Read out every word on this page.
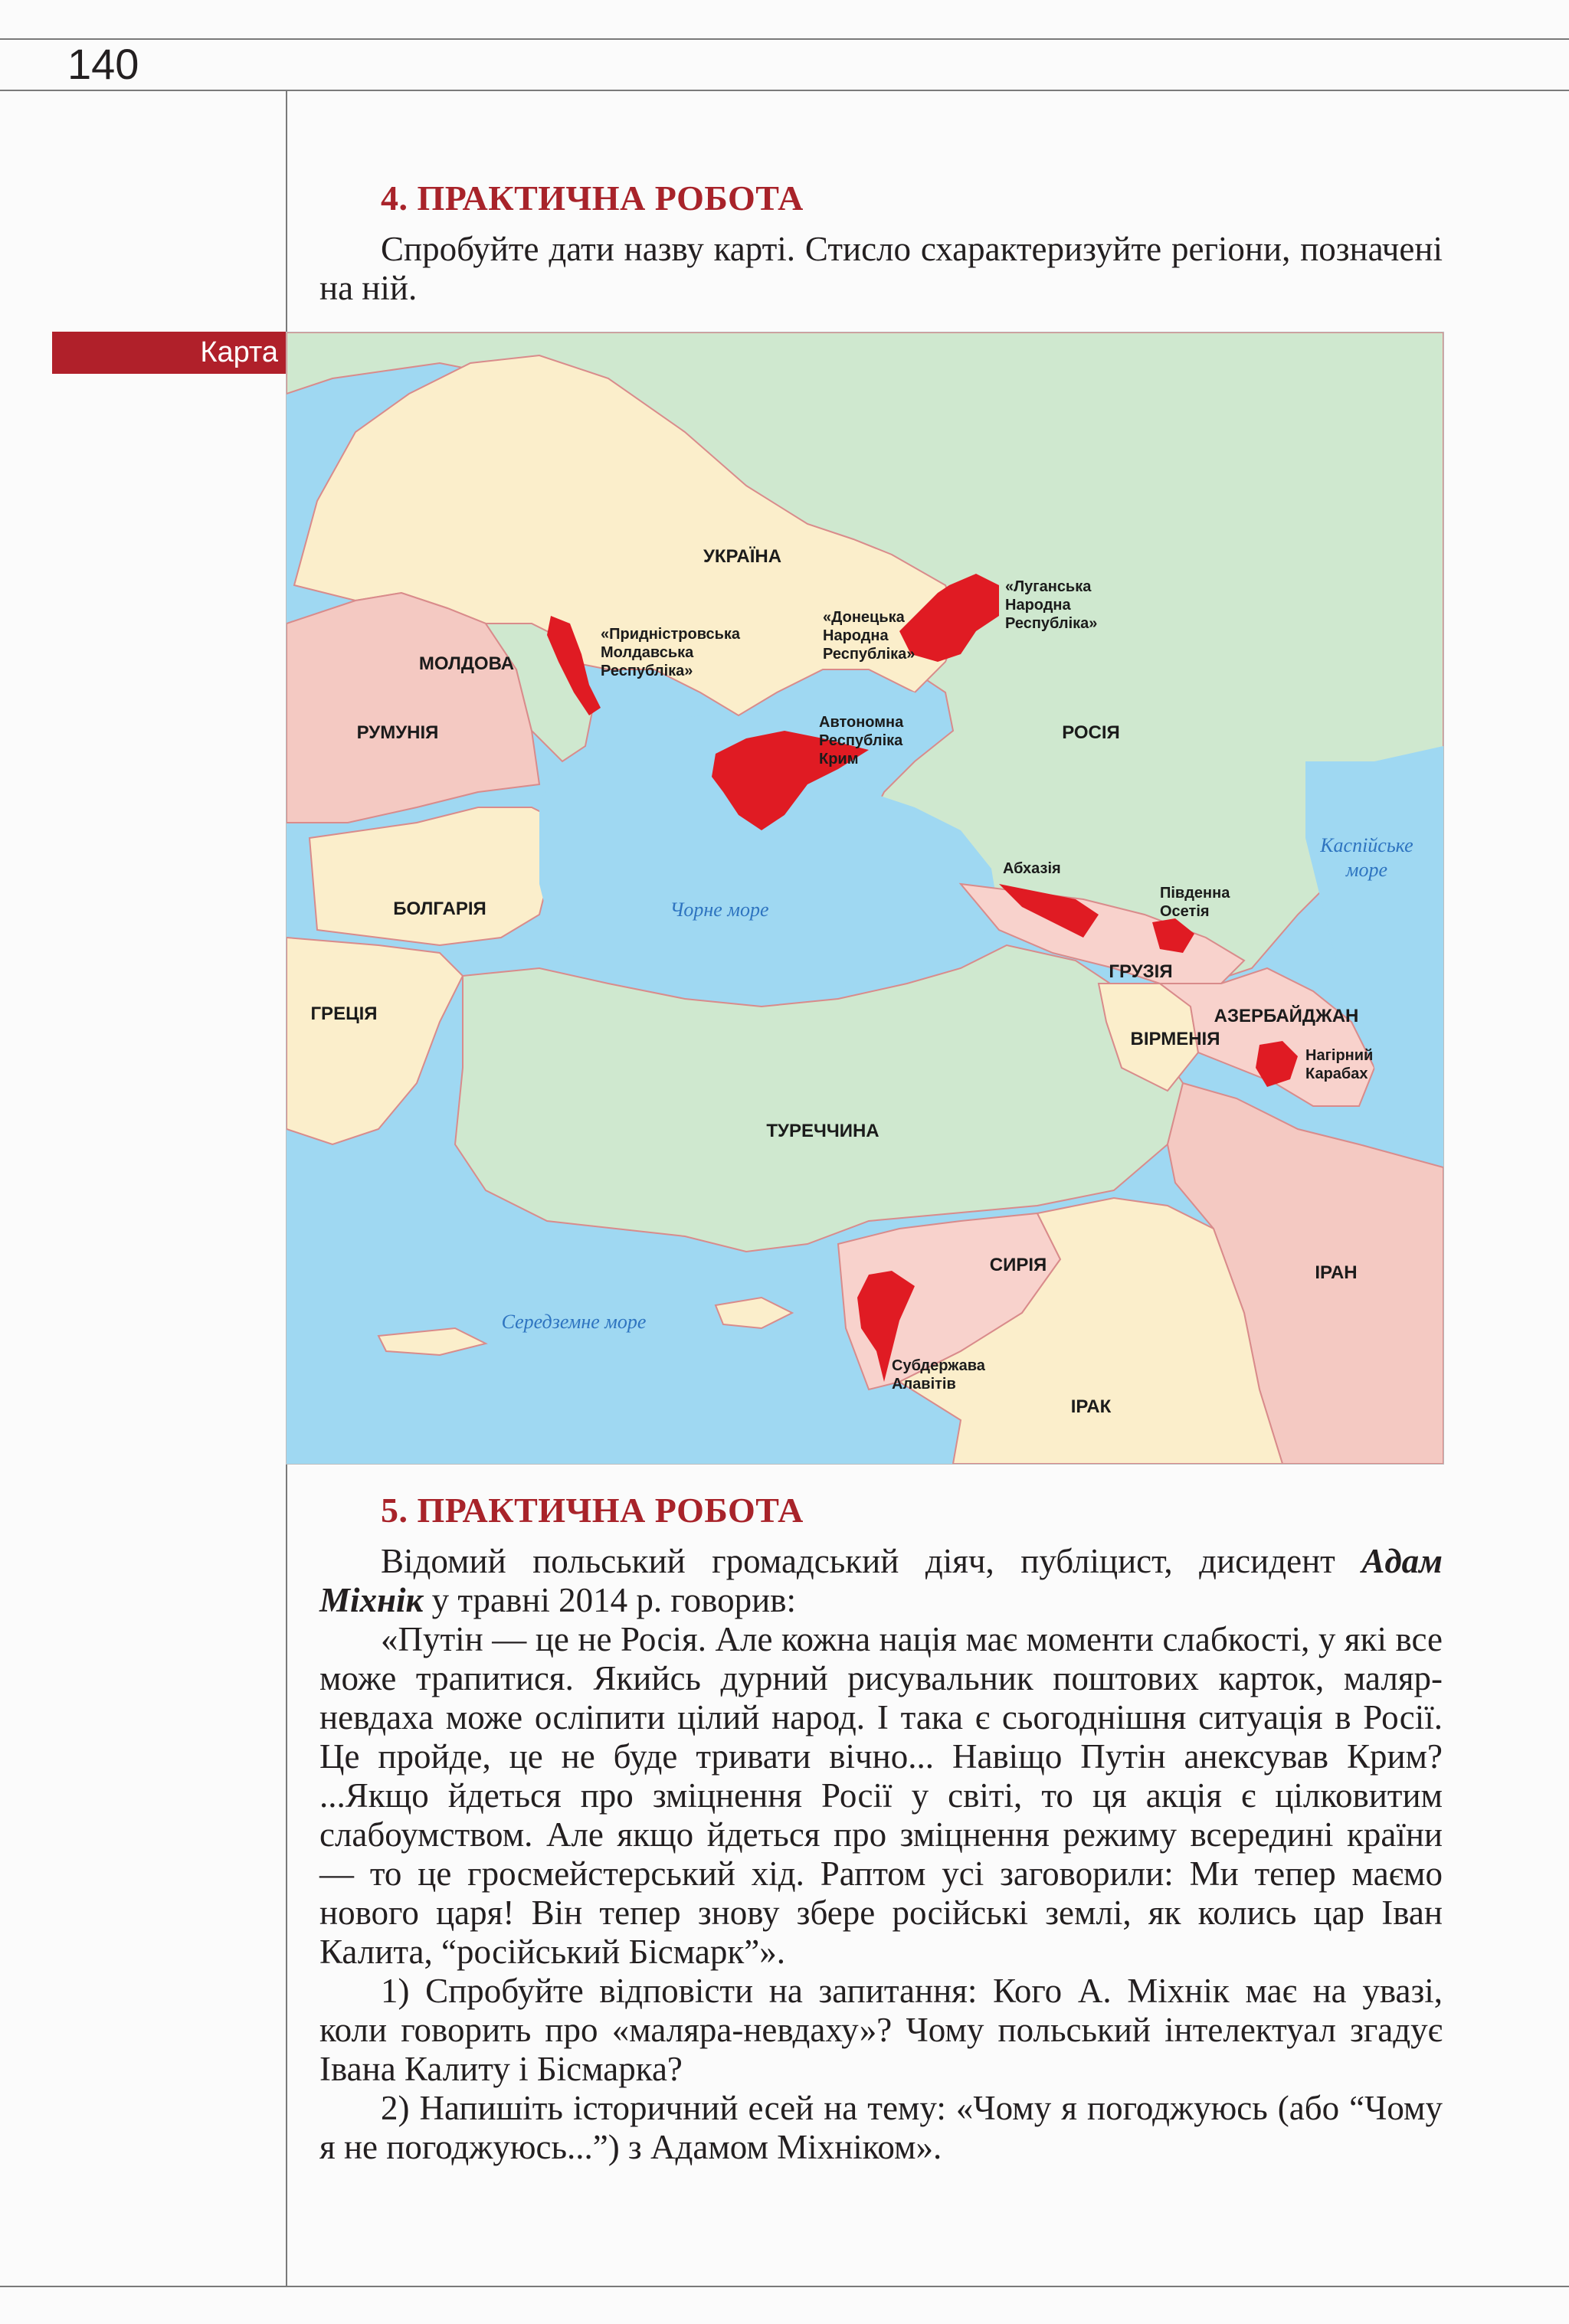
140
4. ПРАКТИЧНА РОБОТА

Спробуйте дати назву карті. Стисло схарактеризуйте регіони, позначені на ній.

Карта
УКРАЇНА
МОЛДОВА
РУМУНІЯ
БОЛГАРІЯ
ГРЕЦІЯ
РОСІЯ
ГРУЗІЯ
ВІРМЕНІЯ
АЗЕРБАЙДЖАН
ТУРЕЧЧИНА
СИРІЯ
ІРАК
ІРАН
«Придністровська
Молдавська
Республіка»
«Донецька
Народна
Республіка»
«Луганська
Народна
Республіка»
Автономна
Республіка
Крим
Абхазія
Південна
Осетія
Нагірний
Карабах
Субдержава
Алавітів
Чорне море
Каспійське
море
Середземне море
5. ПРАКТИЧНА РОБОТА

Відомий польський громадський діяч, публіцист, дисидент Адам Міхнік у травні 2014 р. говорив:

«Путін — це не Росія. Але кожна нація має моменти слабкості, у які все може трапитися. Якийсь дурний рисувальник поштових карток, маляр-невдаха може осліпити цілий народ. І така є сьогоднішня ситуація в Росії. Це пройде, це не буде тривати вічно... Навіщо Путін анексував Крим? ...Якщо йдеться про зміцнення Росії у світі, то ця акція є цілковитим слабоумством. Але якщо йдеться про зміцнення режиму всередині країни — то це гросмейстерський хід. Раптом усі заговорили: Ми тепер маємо нового царя! Він тепер знову збере російські землі, як колись цар Іван Калита, “російський Бісмарк”».

1) Спробуйте відповісти на запитання: Кого А. Міхнік має на увазі, коли говорить про «маляра-невдаху»? Чому польський інтелектуал згадує Івана Калиту і Бісмарка?

2) Напишіть історичний есей на тему: «Чому я погоджуюсь (або “Чому я не погоджуюсь...”) з Адамом Міхніком».
